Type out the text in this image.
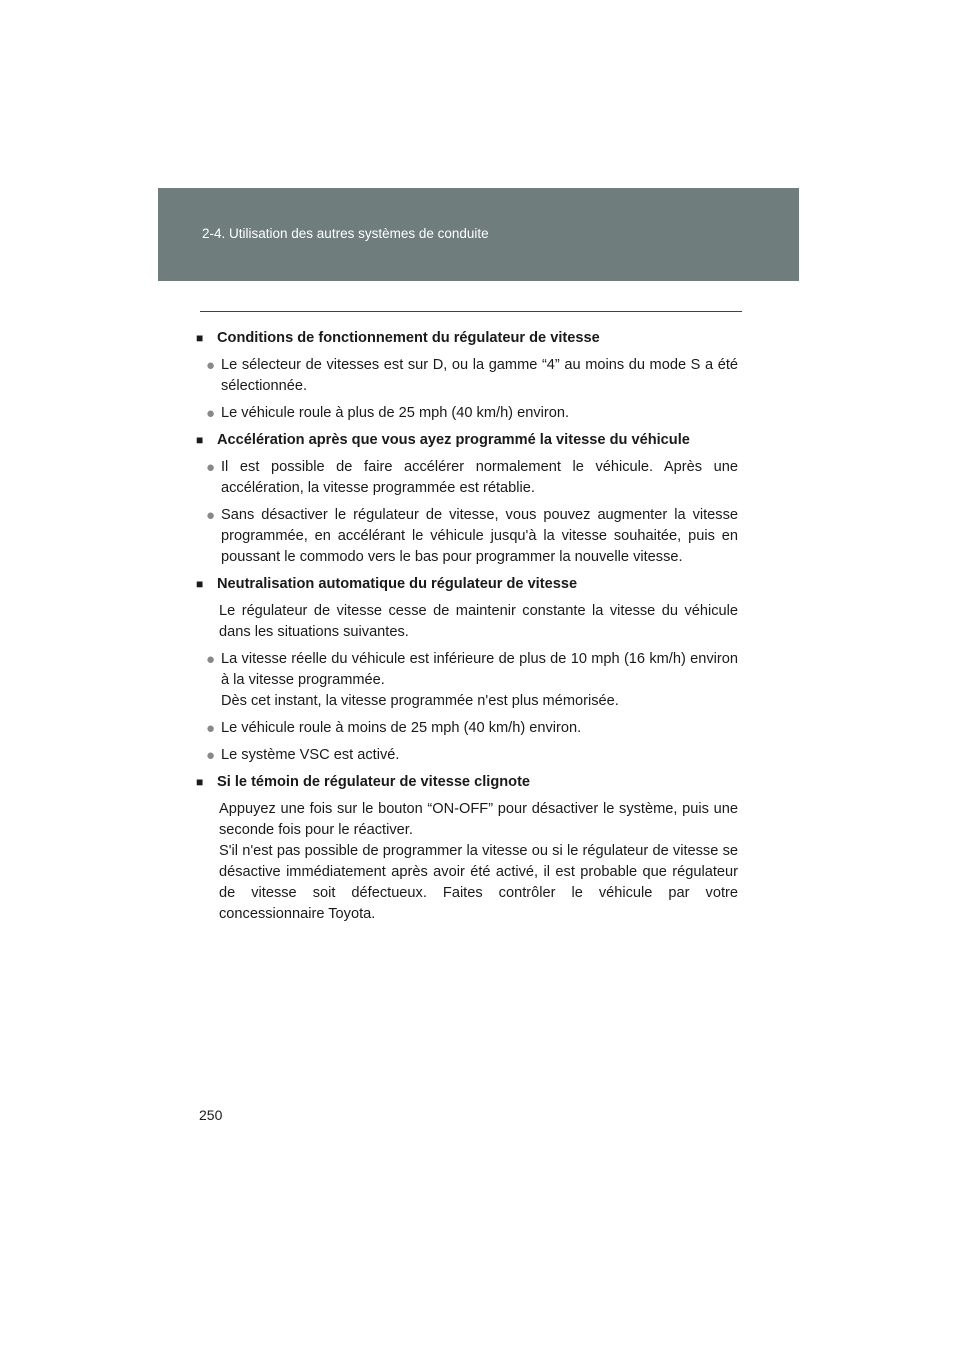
2-4. Utilisation des autres systèmes de conduite
■ Conditions de fonctionnement du régulateur de vitesse
● Le sélecteur de vitesses est sur D, ou la gamme “4” au moins du mode S a été sélectionnée.
● Le véhicule roule à plus de 25 mph (40 km/h) environ.
■ Accélération après que vous ayez programmé la vitesse du véhicule
● Il est possible de faire accélérer normalement le véhicule. Après une accélération, la vitesse programmée est rétablie.
● Sans désactiver le régulateur de vitesse, vous pouvez augmenter la vitesse programmée, en accélérant le véhicule jusqu'à la vitesse souhaitée, puis en poussant le commodo vers le bas pour programmer la nouvelle vitesse.
■ Neutralisation automatique du régulateur de vitesse
Le régulateur de vitesse cesse de maintenir constante la vitesse du véhicule dans les situations suivantes.
● La vitesse réelle du véhicule est inférieure de plus de 10 mph (16 km/h) environ à la vitesse programmée.
Dès cet instant, la vitesse programmée n'est plus mémorisée.
● Le véhicule roule à moins de 25 mph (40 km/h) environ.
● Le système VSC est activé.
■ Si le témoin de régulateur de vitesse clignote
Appuyez une fois sur le bouton “ON-OFF” pour désactiver le système, puis une seconde fois pour le réactiver.
S'il n'est pas possible de programmer la vitesse ou si le régulateur de vitesse se désactive immédiatement après avoir été activé, il est probable que régulateur de vitesse soit défectueux. Faites contrôler le véhicule par votre concessionnaire Toyota.
250
